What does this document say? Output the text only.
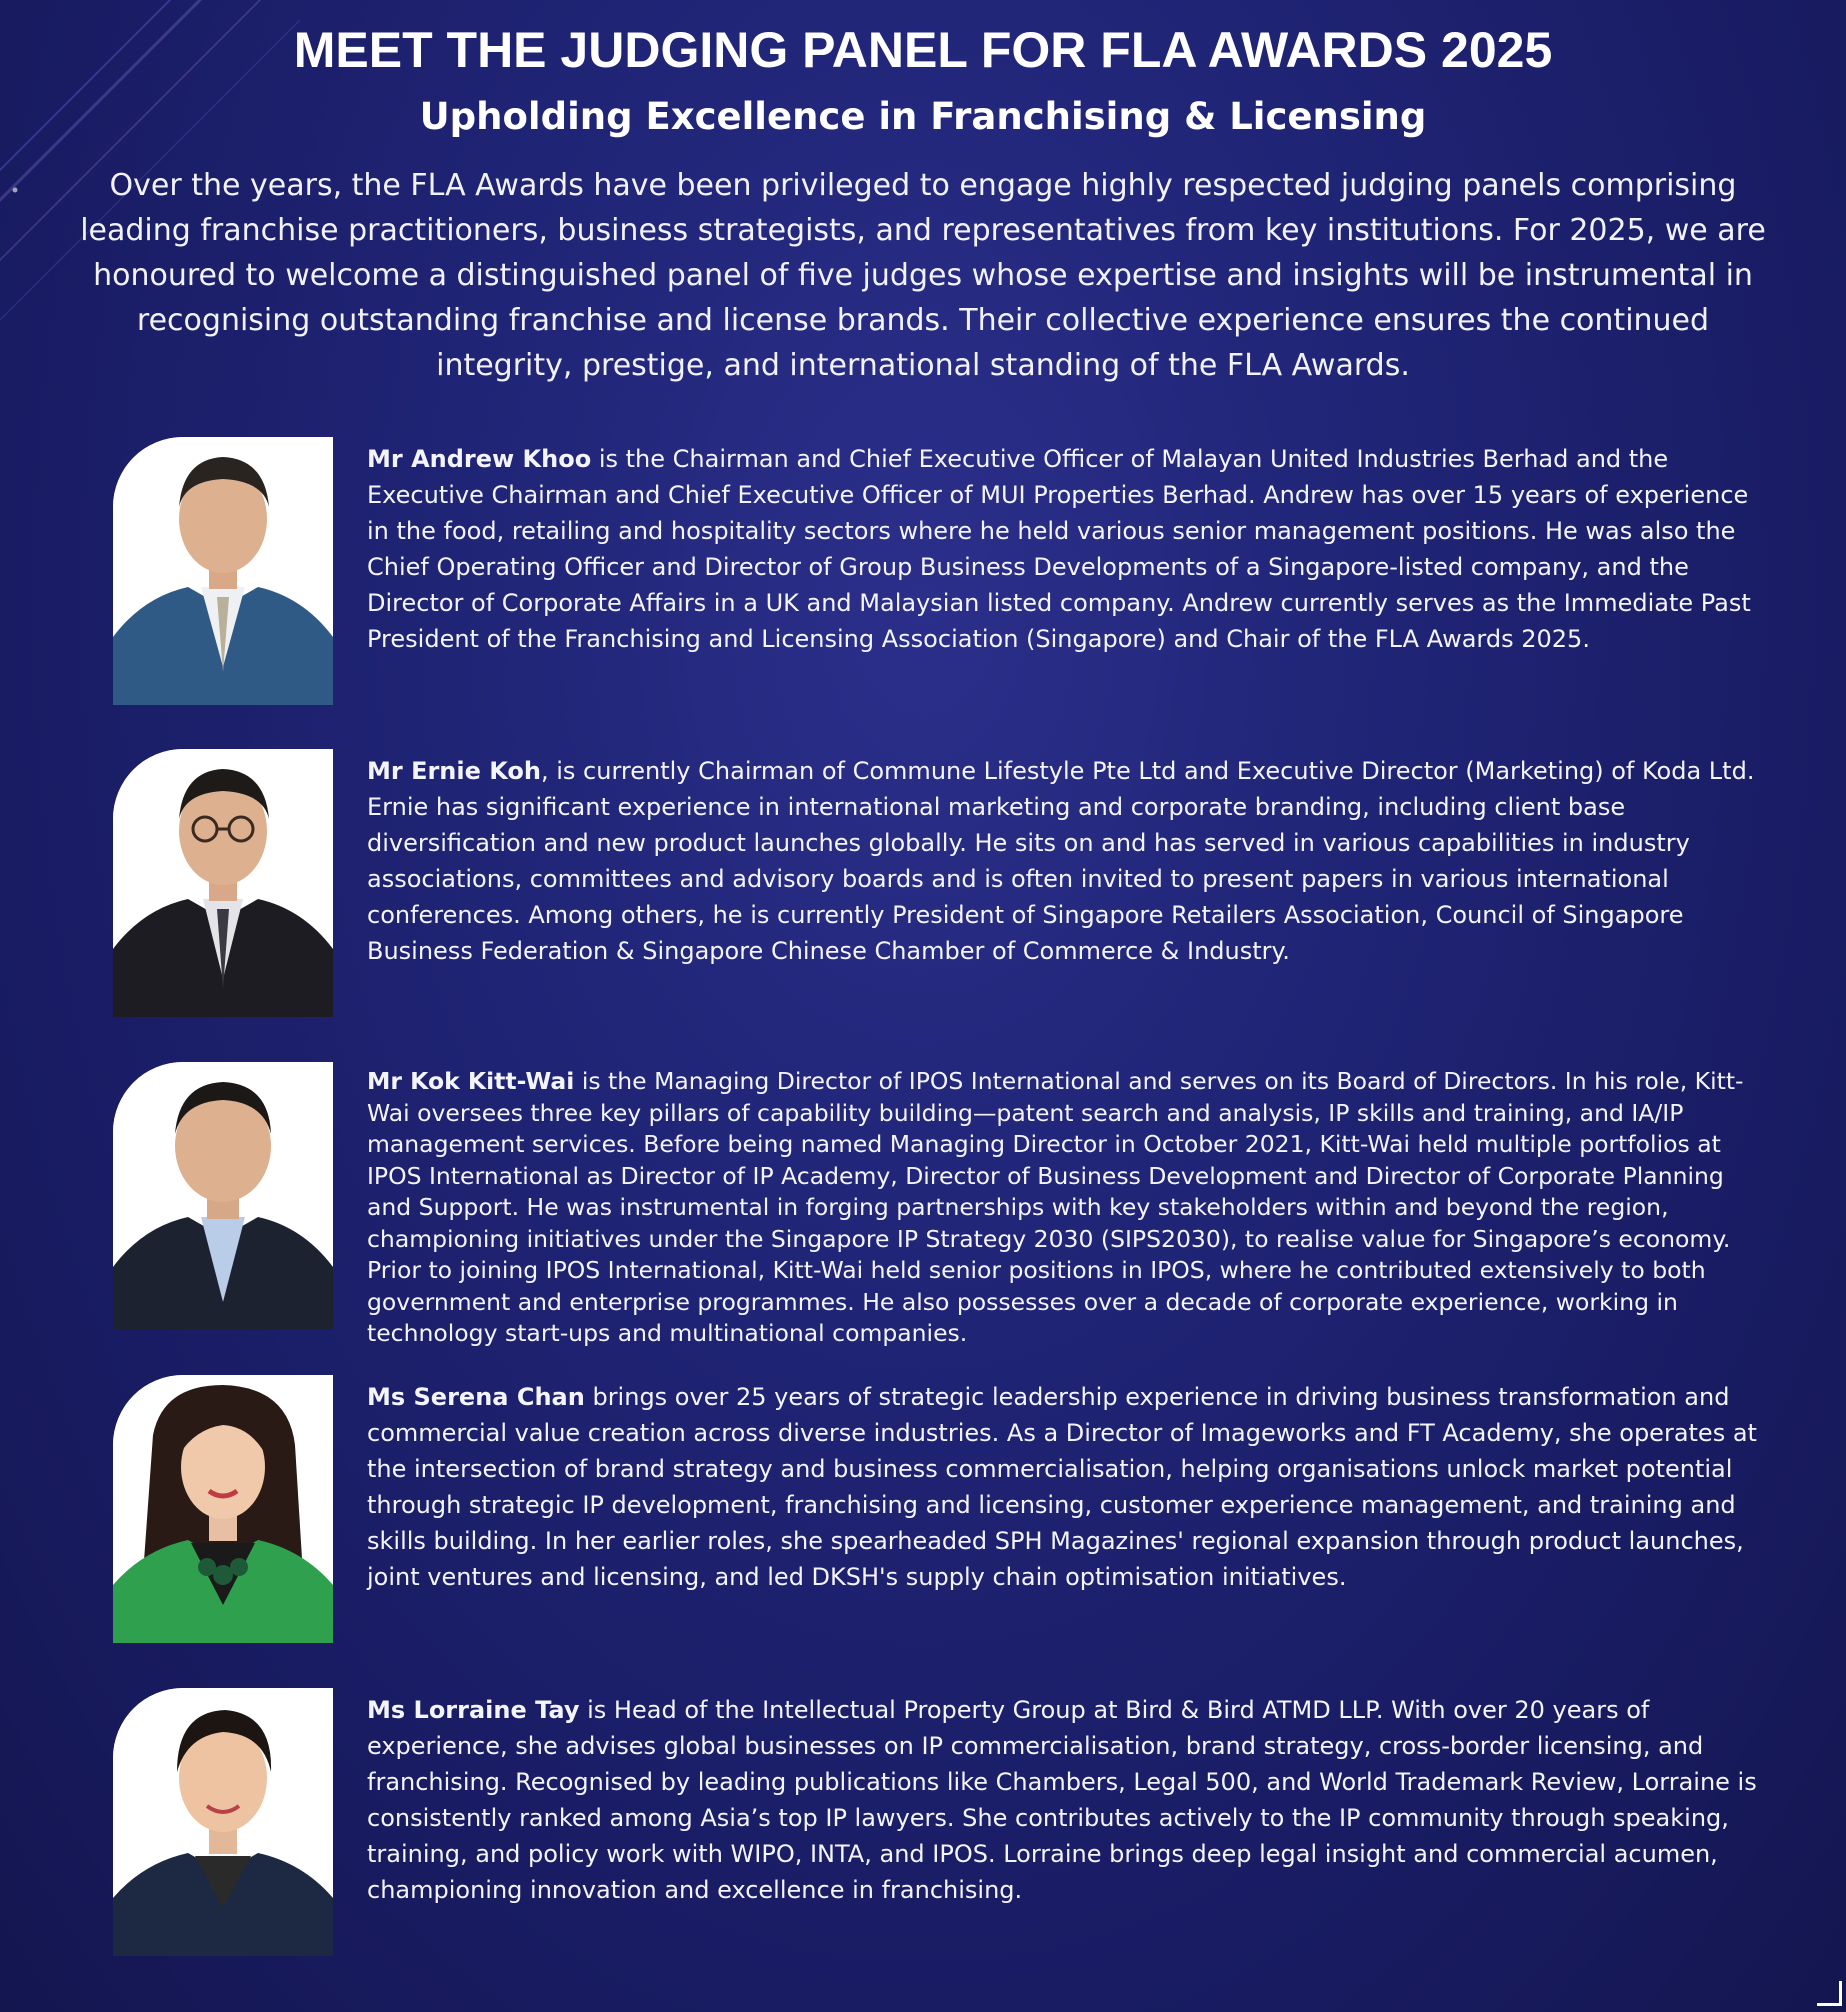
MEET THE JUDGING PANEL FOR FLA AWARDS 2025
Upholding Excellence in Franchising & Licensing

Over the years, the FLA Awards have been privileged to engage highly respected judging panels comprising leading franchise practitioners, business strategists, and representatives from key institutions. For 2025, we are honoured to welcome a distinguished panel of five judges whose expertise and insights will be instrumental in recognising outstanding franchise and license brands. Their collective experience ensures the continued integrity, prestige, and international standing of the FLA Awards.

Mr Andrew Khoo is the Chairman and Chief Executive Officer of Malayan United Industries Berhad and the Executive Chairman and Chief Executive Officer of MUI Properties Berhad. Andrew has over 15 years of experience in the food, retailing and hospitality sectors where he held various senior management positions. He was also the Chief Operating Officer and Director of Group Business Developments of a Singapore-listed company, and the Director of Corporate Affairs in a UK and Malaysian listed company. Andrew currently serves as the Immediate Past President of the Franchising and Licensing Association (Singapore) and Chair of the FLA Awards 2025.

Mr Ernie Koh, is currently Chairman of Commune Lifestyle Pte Ltd and Executive Director (Marketing) of Koda Ltd. Ernie has significant experience in international marketing and corporate branding, including client base diversification and new product launches globally. He sits on and has served in various capabilities in industry associations, committees and advisory boards and is often invited to present papers in various international conferences. Among others, he is currently President of Singapore Retailers Association, Council of Singapore Business Federation & Singapore Chinese Chamber of Commerce & Industry.

Mr Kok Kitt-Wai is the Managing Director of IPOS International and serves on its Board of Directors. In his role, Kitt-Wai oversees three key pillars of capability building—patent search and analysis, IP skills and training, and IA/IP management services. Before being named Managing Director in October 2021, Kitt-Wai held multiple portfolios at IPOS International as Director of IP Academy, Director of Business Development and Director of Corporate Planning and Support. He was instrumental in forging partnerships with key stakeholders within and beyond the region, championing initiatives under the Singapore IP Strategy 2030 (SIPS2030), to realise value for Singapore’s economy. Prior to joining IPOS International, Kitt-Wai held senior positions in IPOS, where he contributed extensively to both government and enterprise programmes. He also possesses over a decade of corporate experience, working in technology start-ups and multinational companies.

Ms Serena Chan brings over 25 years of strategic leadership experience in driving business transformation and commercial value creation across diverse industries. As a Director of Imageworks and FT Academy, she operates at the intersection of brand strategy and business commercialisation, helping organisations unlock market potential through strategic IP development, franchising and licensing, customer experience management, and training and skills building. In her earlier roles, she spearheaded SPH Magazines' regional expansion through product launches, joint ventures and licensing, and led DKSH's supply chain optimisation initiatives.

Ms Lorraine Tay is Head of the Intellectual Property Group at Bird & Bird ATMD LLP. With over 20 years of experience, she advises global businesses on IP commercialisation, brand strategy, cross-border licensing, and franchising. Recognised by leading publications like Chambers, Legal 500, and World Trademark Review, Lorraine is consistently ranked among Asia’s top IP lawyers. She contributes actively to the IP community through speaking, training, and policy work with WIPO, INTA, and IPOS. Lorraine brings deep legal insight and commercial acumen, championing innovation and excellence in franchising.
